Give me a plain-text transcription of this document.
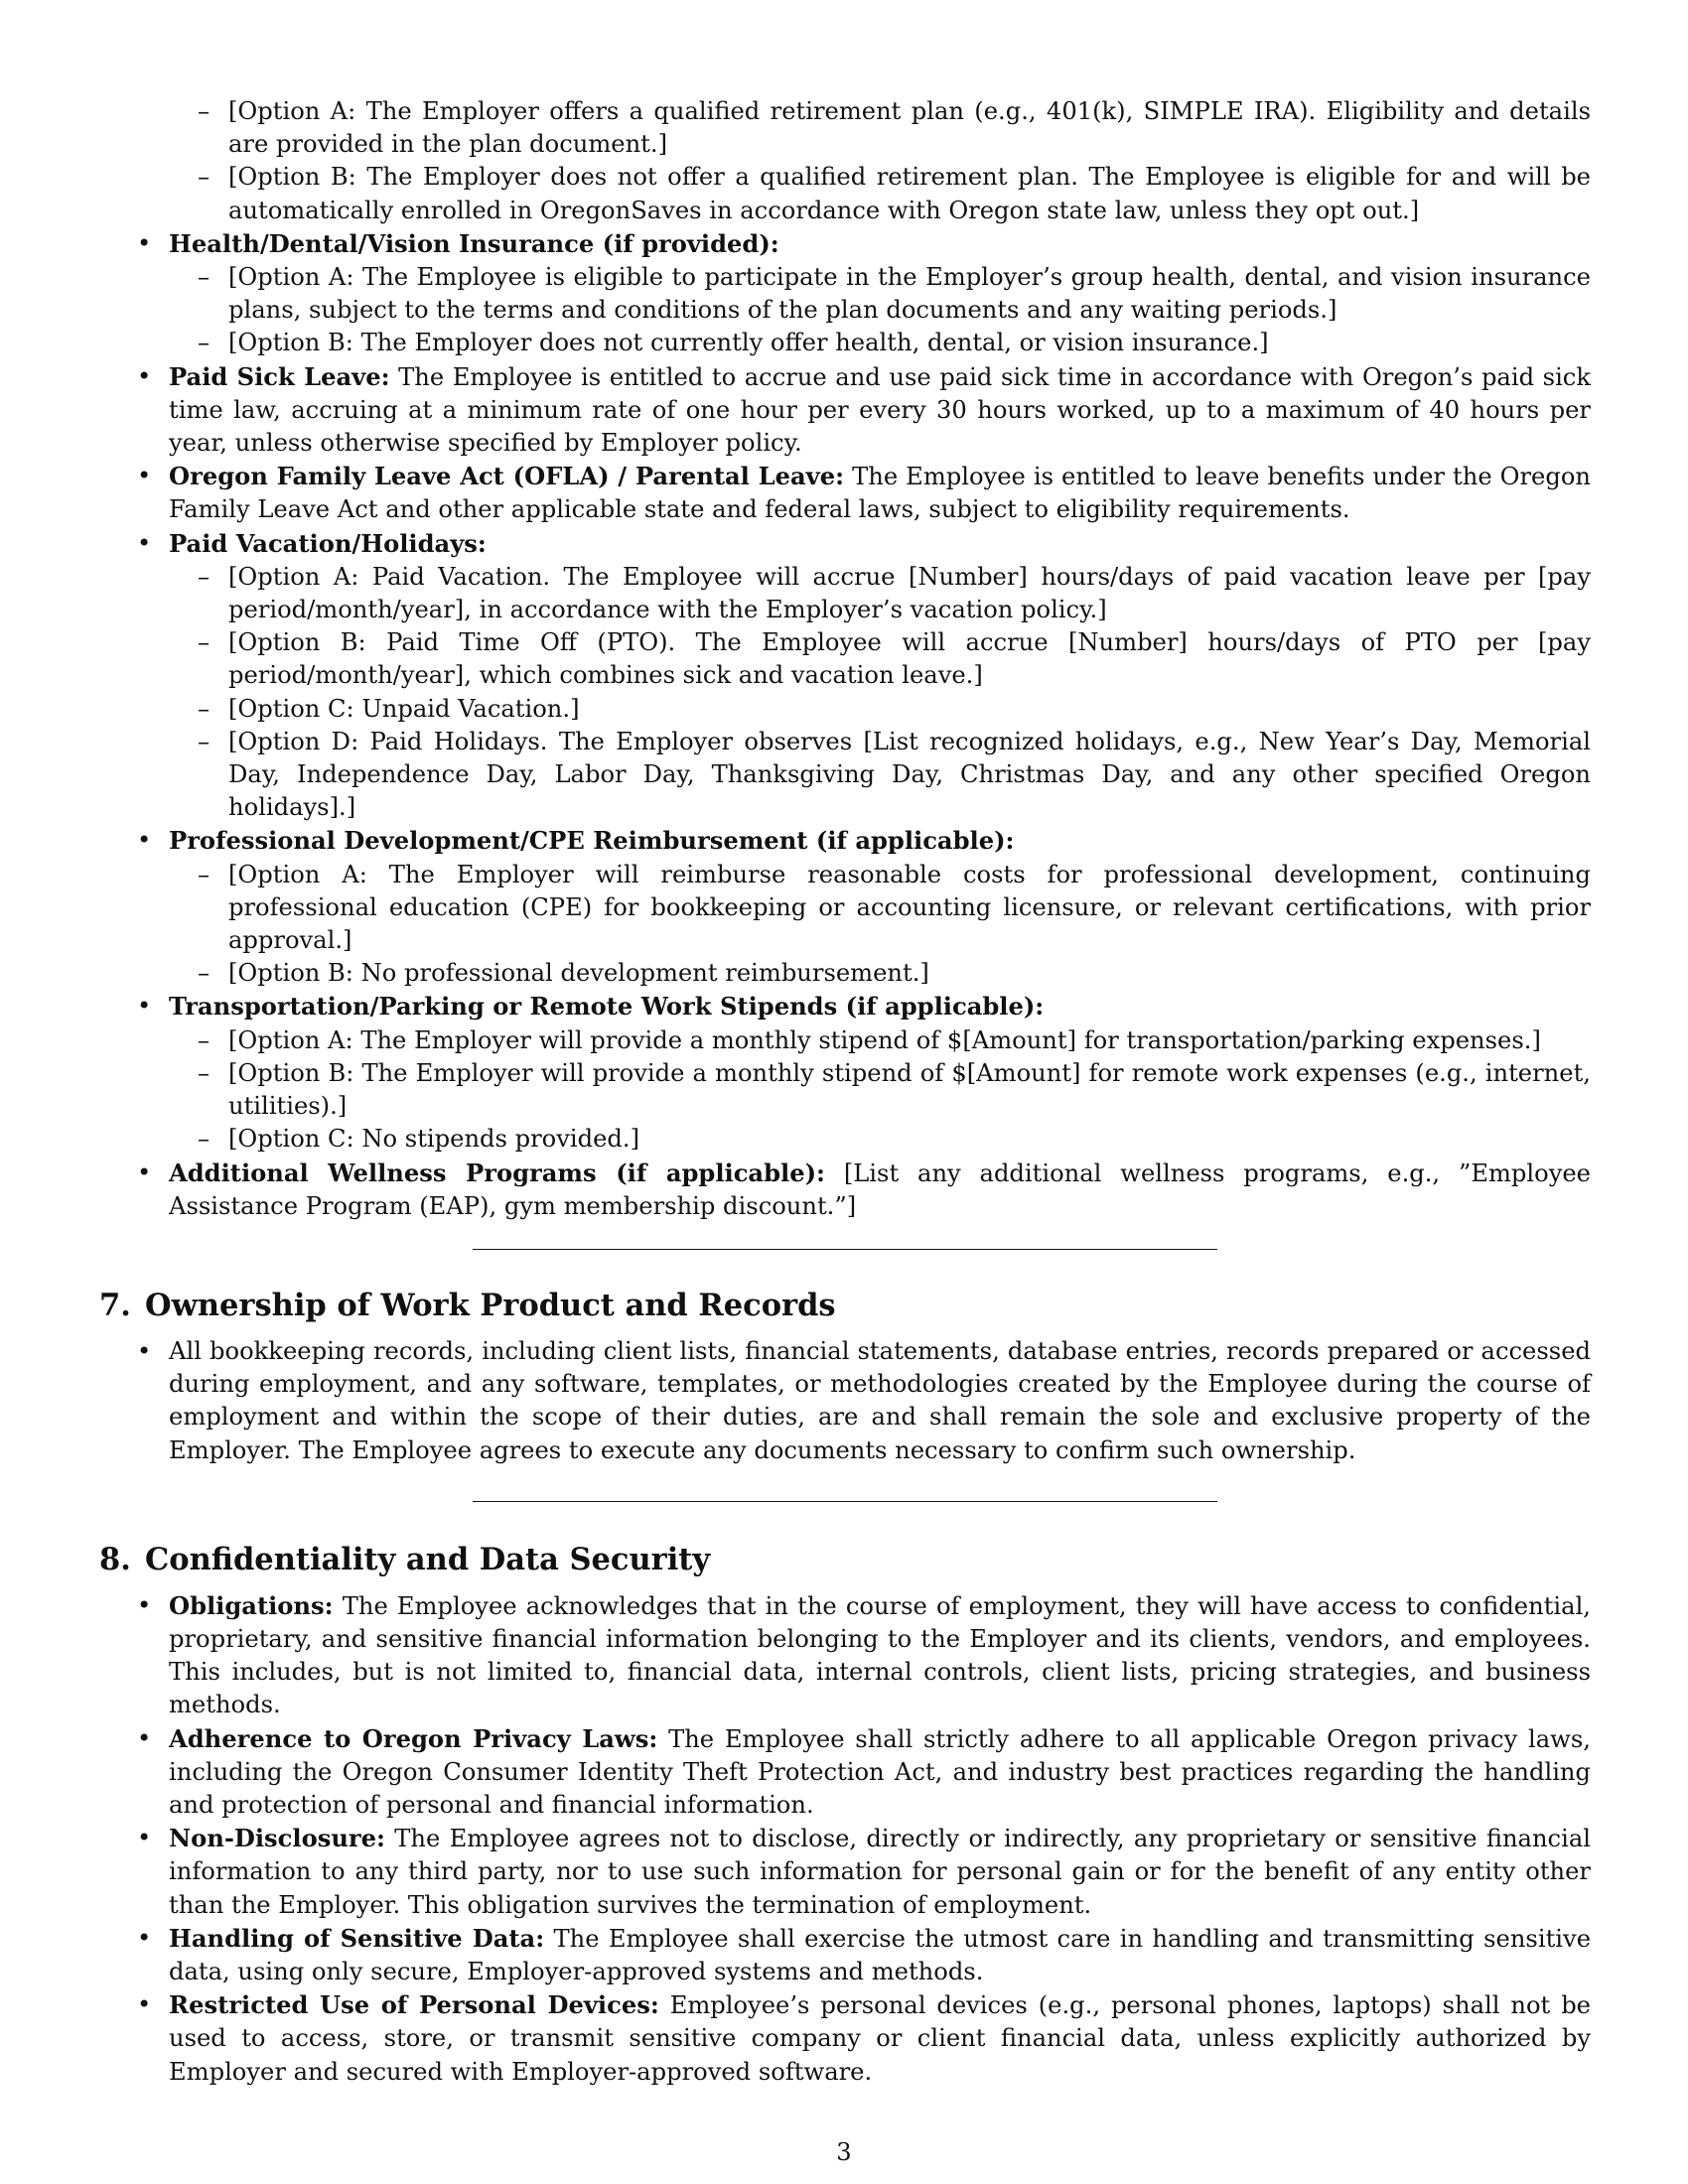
– [Option A: The Employer offers a qualified retirement plan (e.g., 401(k), SIMPLE IRA). Eligibility and details are provided in the plan document.]
– [Option B: The Employer does not offer a qualified retirement plan. The Employee is eligible for and will be automatically enrolled in OregonSaves in accordance with Oregon state law, unless they opt out.]
• Health/Dental/Vision Insurance (if provided):
– [Option A: The Employee is eligible to participate in the Employer’s group health, dental, and vision insurance plans, subject to the terms and conditions of the plan documents and any waiting periods.]
– [Option B: The Employer does not currently offer health, dental, or vision insurance.]
• Paid Sick Leave: The Employee is entitled to accrue and use paid sick time in accordance with Oregon’s paid sick time law, accruing at a minimum rate of one hour per every 30 hours worked, up to a maximum of 40 hours per year, unless otherwise specified by Employer policy.
• Oregon Family Leave Act (OFLA) / Parental Leave: The Employee is entitled to leave benefits under the Oregon Family Leave Act and other applicable state and federal laws, subject to eligibility requirements.
• Paid Vacation/Holidays:
– [Option A: Paid Vacation. The Employee will accrue [Number] hours/days of paid vacation leave per [pay period/month/year], in accordance with the Employer’s vacation policy.]
– [Option B: Paid Time Off (PTO). The Employee will accrue [Number] hours/days of PTO per [pay period/month/year], which combines sick and vacation leave.]
– [Option C: Unpaid Vacation.]
– [Option D: Paid Holidays. The Employer observes [List recognized holidays, e.g., New Year’s Day, Memorial Day, Independence Day, Labor Day, Thanksgiving Day, Christmas Day, and any other specified Oregon holidays].]
• Professional Development/CPE Reimbursement (if applicable):
– [Option A: The Employer will reimburse reasonable costs for professional development, continuing professional education (CPE) for bookkeeping or accounting licensure, or relevant certifications, with prior approval.]
– [Option B: No professional development reimbursement.]
• Transportation/Parking or Remote Work Stipends (if applicable):
– [Option A: The Employer will provide a monthly stipend of $[Amount] for transportation/parking expenses.]
– [Option B: The Employer will provide a monthly stipend of $[Amount] for remote work expenses (e.g., internet, utilities).]
– [Option C: No stipends provided.]
• Additional Wellness Programs (if applicable): [List any additional wellness programs, e.g., ”Employee Assistance Program (EAP), gym membership discount.”]
7. Ownership of Work Product and Records
• All bookkeeping records, including client lists, financial statements, database entries, records prepared or accessed during employment, and any software, templates, or methodologies created by the Employee during the course of employment and within the scope of their duties, are and shall remain the sole and exclusive property of the Employer. The Employee agrees to execute any documents necessary to confirm such ownership.
8. Confidentiality and Data Security
• Obligations: The Employee acknowledges that in the course of employment, they will have access to confidential, proprietary, and sensitive financial information belonging to the Employer and its clients, vendors, and employees. This includes, but is not limited to, financial data, internal controls, client lists, pricing strategies, and business methods.
• Adherence to Oregon Privacy Laws: The Employee shall strictly adhere to all applicable Oregon privacy laws, including the Oregon Consumer Identity Theft Protection Act, and industry best practices regarding the handling and protection of personal and financial information.
• Non-Disclosure: The Employee agrees not to disclose, directly or indirectly, any proprietary or sensitive financial information to any third party, nor to use such information for personal gain or for the benefit of any entity other than the Employer. This obligation survives the termination of employment.
• Handling of Sensitive Data: The Employee shall exercise the utmost care in handling and transmitting sensitive data, using only secure, Employer-approved systems and methods.
• Restricted Use of Personal Devices: Employee’s personal devices (e.g., personal phones, laptops) shall not be used to access, store, or transmit sensitive company or client financial data, unless explicitly authorized by Employer and secured with Employer-approved software.
3
